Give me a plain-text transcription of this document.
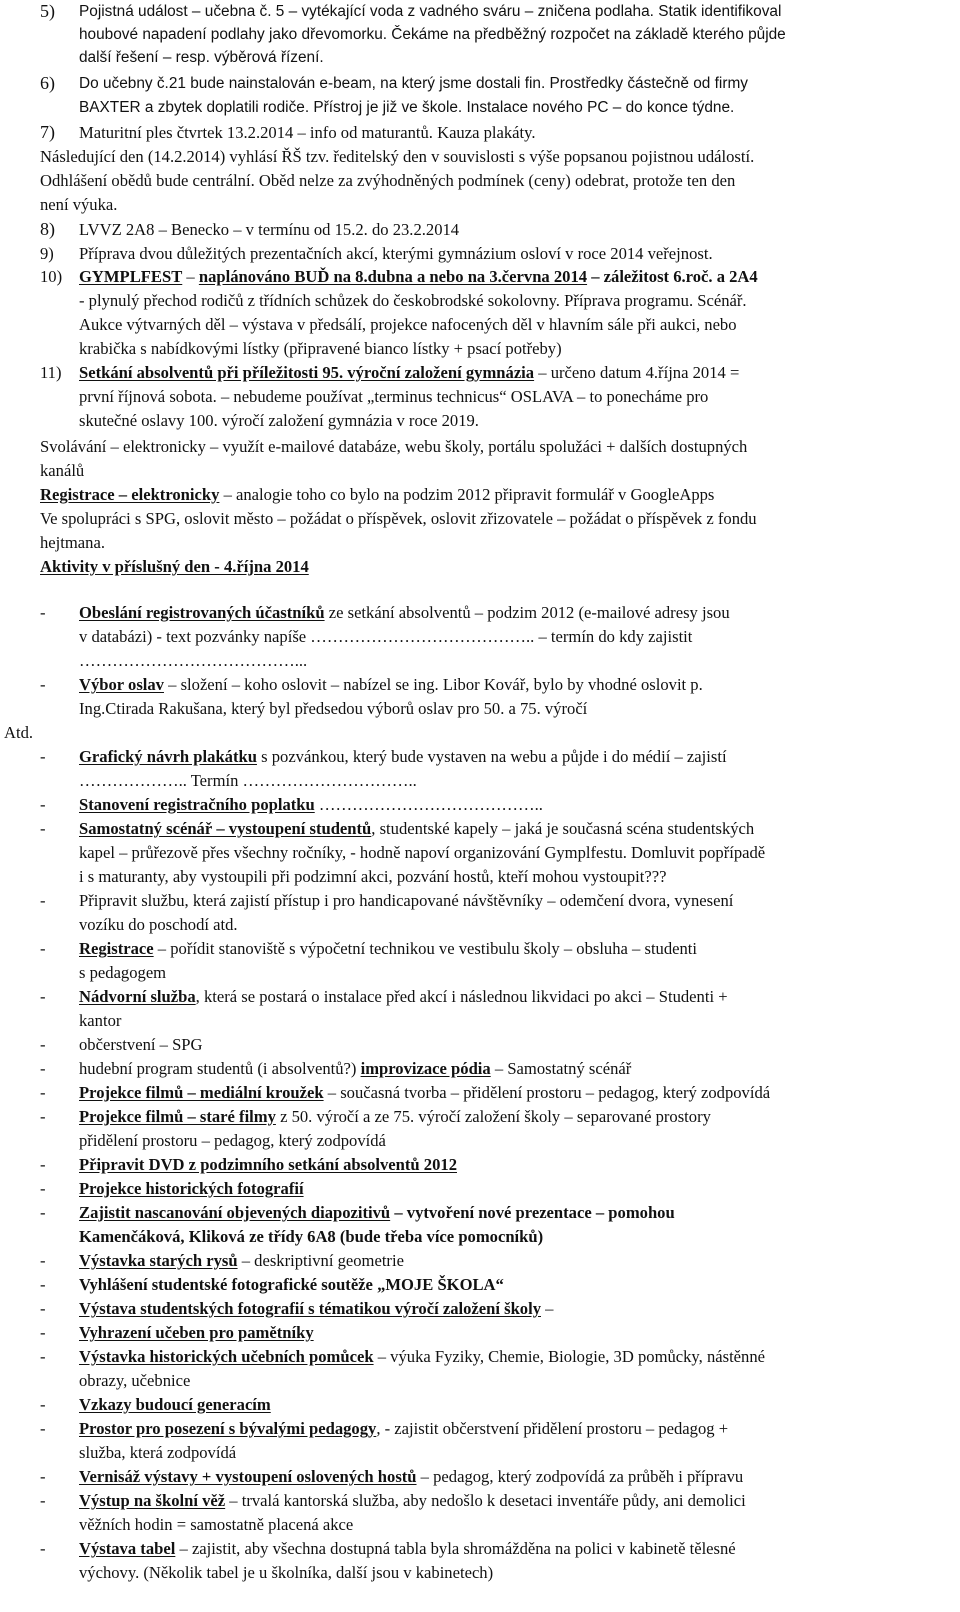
5) Pojistná událost – učebna č. 5 – vytékající voda z vadného sváru – zničena podlaha. Statik identifikoval
houbové napadení podlahy jako dřevomorku. Čekáme na předběžný rozpočet na základě kterého půjde
další řešení – resp. výběrová řízení.
6) Do učebny č.21 bude nainstalován e-beam, na který jsme dostali fin. Prostředky částečně od firmy
BAXTER a zbytek doplatili rodiče. Přístroj je již ve škole. Instalace nového PC – do konce týdne.
7) Maturitní ples čtvrtek 13.2.2014 – info od maturantů. Kauza plakáty.
Následující den (14.2.2014) vyhlásí ŘŠ tzv. ředitelský den v souvislosti s výše popsanou pojistnou událostí.
Odhlášení obědů bude centrální. Oběd nelze za zvýhodněných podmínek (ceny) odebrat, protože ten den
není výuka.
8) LVVZ 2A8 – Benecko – v termínu od 15.2. do 23.2.2014
9) Příprava dvou důležitých prezentačních akcí, kterými gymnázium osloví v roce 2014 veřejnost.
10) GYMPLFEST – naplánováno BUĎ na 8.dubna a nebo na 3.června 2014 – záležitost 6.roč. a 2A4
- plynulý přechod rodičů z třídních schůzek do českobrodské sokolovny. Příprava programu. Scénář.
Aukce výtvarných děl – výstava v předsálí, projekce nafocených děl v hlavním sále při aukci, nebo
krabička s nabídkovými lístky (připravené bianco lístky + psací potřeby)
11) Setkání absolventů při příležitosti 95. výroční založení gymnázia – určeno datum 4.října 2014 =
první říjnová sobota. – nebudeme používat „terminus technicus“ OSLAVA – to ponecháme pro
skutečné oslavy 100. výročí založení gymnázia v roce 2019.
Svolávání – elektronicky – využít e-mailové databáze, webu školy, portálu spolužáci + dalších dostupných
kanálů
Registrace – elektronicky – analogie toho co bylo na podzim 2012 připravit formulář v GoogleApps
Ve spolupráci s SPG, oslovit město – požádat o příspěvek, oslovit zřizovatele – požádat o příspěvek z fondu
hejtmana.
Aktivity v příslušný den - 4.října 2014
Atd.
- Obeslání registrovaných účastníků ze setkání absolventů – podzim 2012 (e-mailové adresy jsou
v databázi) - text pozvánky napíše ………………………………….. – termín do kdy zajistit
…………………………………...
- Výbor oslav – složení – koho oslovit – nabízel se ing. Libor Kovář, bylo by vhodné oslovit p.
Ing.Ctirada Rakušana, který byl předsedou výborů oslav pro 50. a 75. výročí
- Grafický návrh plakátku s pozvánkou, který bude vystaven na webu a půjde i do médií – zajistí
……………….. Termín …………………………..
- Stanovení registračního poplatku …………………………………..
- Samostatný scénář – vystoupení studentů, studentské kapely – jaká je současná scéna studentských
kapel – průřezově přes všechny ročníky, - hodně napoví organizování Gymplfestu. Domluvit popřípadě
i s maturanty, aby vystoupili při podzimní akci, pozvání hostů, kteří mohou vystoupit???
- Připravit službu, která zajistí přístup i pro handicapované návštěvníky – odemčení dvora, vynesení
vozíku do poschodí atd.
- Registrace – pořídit stanoviště s výpočetní technikou ve vestibulu školy – obsluha – studenti
s pedagogem
- Nádvorní služba, která se postará o instalace před akcí i následnou likvidaci po akci – Studenti +
kantor
- občerstvení – SPG
- hudební program studentů (i absolventů?) improvizace pódia – Samostatný scénář
- Projekce filmů – mediální kroužek – současná tvorba – přidělení prostoru – pedagog, který zodpovídá
- Projekce filmů – staré filmy z 50. výročí a ze 75. výročí založení školy – separované prostory
přidělení prostoru – pedagog, který zodpovídá
- Připravit DVD z podzimního setkání absolventů 2012
- Projekce historických fotografií
- Zajistit nascanování objevených diapozitivů – vytvoření nové prezentace – pomohou
Kamenčáková, Kliková ze třídy 6A8 (bude třeba více pomocníků)
- Výstavka starých rysů – deskriptivní geometrie
- Vyhlášení studentské fotografické soutěže „MOJE ŠKOLA“
- Výstava studentských fotografií s tématikou výročí založení školy –
- Vyhrazení učeben pro pamětníky
- Výstavka historických učebních pomůcek – výuka Fyziky, Chemie, Biologie, 3D pomůcky, nástěnné
obrazy, učebnice
- Vzkazy budoucí generacím
- Prostor pro posezení s bývalými pedagogy, - zajistit občerstvení přidělení prostoru – pedagog +
služba, která zodpovídá
- Vernisáž výstavy + vystoupení oslovených hostů – pedagog, který zodpovídá za průběh i přípravu
- Výstup na školní věž – trvalá kantorská služba, aby nedošlo k desetaci inventáře půdy, ani demolici
věžních hodin = samostatně placená akce
- Výstava tabel – zajistit, aby všechna dostupná tabla byla shromážděna na polici v kabinetě tělesné
výchovy. (Několik tabel je u školníka, další jsou v kabinetech)
